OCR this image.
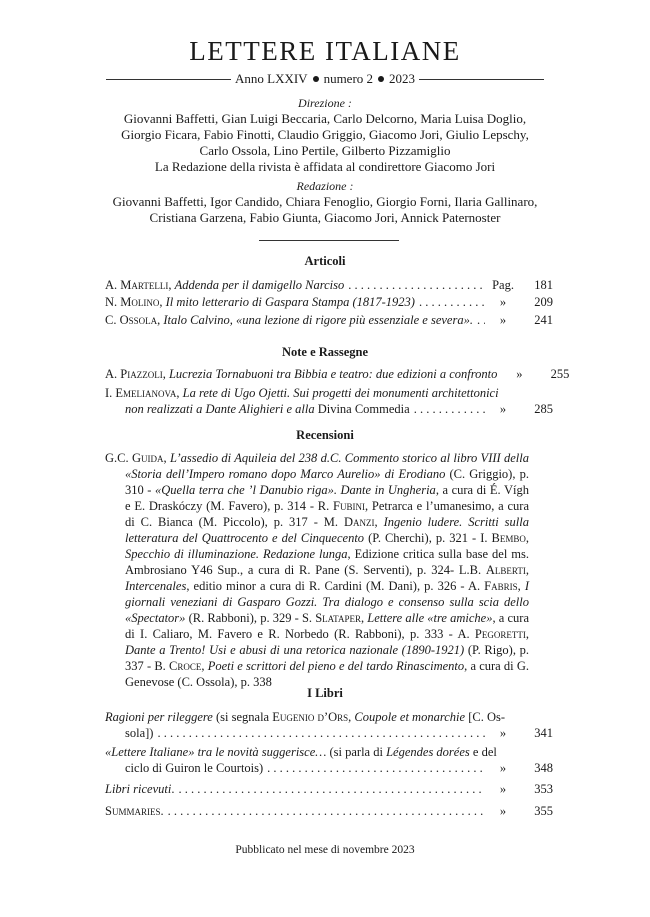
LETTERE ITALIANE
Anno LXXIV numero 2 2023
Direzione :
Giovanni Baffetti, Gian Luigi Beccaria, Carlo Delcorno, Maria Luisa Doglio,
Giorgio Ficara, Fabio Finotti, Claudio Griggio, Giacomo Jori, Giulio Lepschy,
Carlo Ossola, Lino Pertile, Gilberto Pizzamiglio
La Redazione della rivista è affidata al condirettore Giacomo Jori
Redazione :
Giovanni Baffetti, Igor Candido, Chiara Fenoglio, Giorgio Forni, Ilaria Gallinaro,
Cristiana Garzena, Fabio Giunta, Giacomo Jori, Annick Paternoster
Articoli
A. Martelli, Addenda per il damigello Narciso . . .	Pag.	181
N. Molino, Il mito letterario di Gaspara Stampa (1817-1923) . . .	»	209
C. Ossola, Italo Calvino, «una lezione di rigore più essenziale e severa». . . .	»	241
Note e Rassegne
A. Piazzoli, Lucrezia Tornabuoni tra Bibbia e teatro: due edizioni a confronto	»	255
I. Emelianova, La rete di Ugo Ojetti. Sui progetti dei monumenti architettonici
non realizzati a Dante Alighieri e alla Divina Commedia . . .	»	285
Recensioni
G.C. Guida, L’assedio di Aquileia del 238 d.C. Commento storico al libro VIII della «Storia dell’Impero romano dopo Marco Aurelio» di Erodiano (C. Griggio), p. 310 - «Quella terra che ’l Danubio riga». Dante in Ungheria, a cura di É. Vígh e E. Draskóczy (M. Favero), p. 314 - R. Fubini, Petrarca e l’umanesimo, a cura di C. Bianca (M. Piccolo), p. 317 - M. Danzi, Ingenio ludere. Scritti sulla letteratura del Quattrocento e del Cinquecento (P. Cherchi), p. 321 - I. Bembo, Specchio di illuminazione. Redazione lunga, Edizione critica sulla base del ms. Ambrosiano Y46 Sup., a cura di R. Pane (S. Serventi), p. 324- L.B. Alberti, Intercenales, editio minor a cura di R. Cardini (M. Dani), p. 326 - A. Fabris, I giornali veneziani di Gasparo Gozzi. Tra dialogo e consenso sulla scia dello «Spectator» (R. Rabboni), p. 329 - S. Slataper, Lettere alle «tre amiche», a cura di I. Caliaro, M. Favero e R. Norbedo (R. Rabboni), p. 333 - A. Pegoretti, Dante a Trento! Usi e abusi di una retorica nazionale (1890-1921) (P. Rigo), p. 337 - B. Croce, Poeti e scrittori del pieno e del tardo Rinascimento, a cura di G. Genevose (C. Ossola), p. 338
I Libri
Ragioni per rileggere (si segnala Eugenio d’Ors, Coupole et monarchie [C. Os-
sola]) . . .	»	341
«Lettere Italiane» tra le novità suggerisce… (si parla di Légendes dorées e del
ciclo di Guiron le Courtois) . . .	»	348
Libri ricevuti. . . .	»	353
Summaries. . . .	»	355
Pubblicato nel mese di novembre 2023
